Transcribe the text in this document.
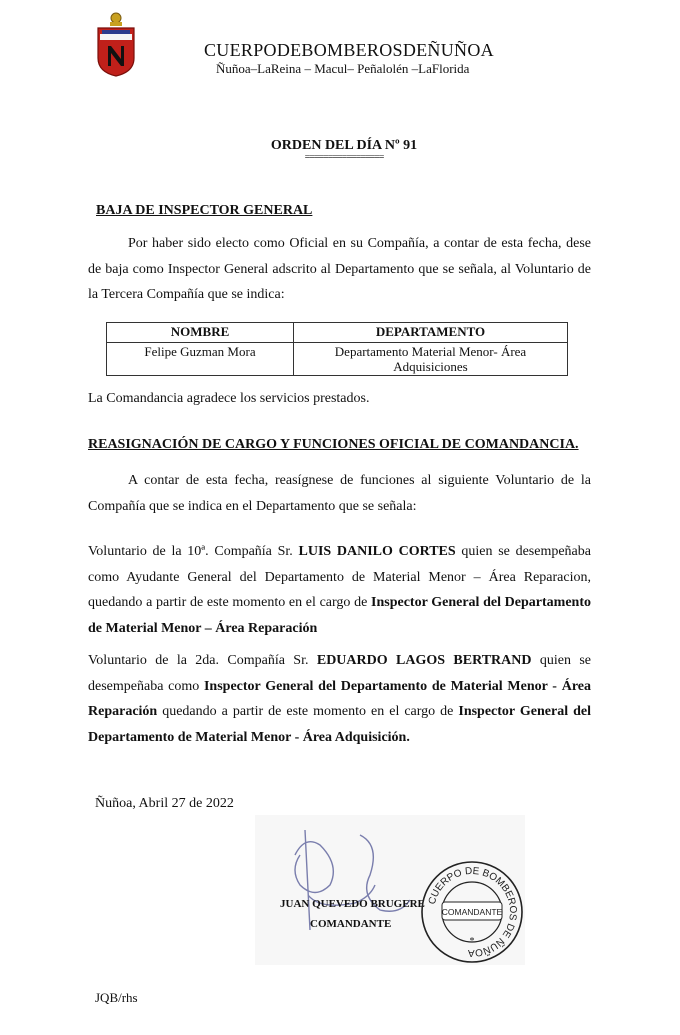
CUERPODEBOMBEROSDEÑUÑOA
Ñuñoa–LaReina – Macul– Peñalolén –LaFlorida
ORDEN DEL DÍA Nº 91
=================
BAJA DE INSPECTOR GENERAL
Por haber sido electo como Oficial en su Compañía, a contar de esta fecha, dese de baja como Inspector General adscrito al Departamento que se señala, al Voluntario de la Tercera Compañía que se indica:
NOMBRE	DEPARTAMENTO
Felipe Guzman Mora	Departamento Material Menor- Área Adquisiciones
La Comandancia agradece los servicios prestados.
REASIGNACIÓN DE CARGO Y FUNCIONES OFICIAL DE COMANDANCIA.
A contar de esta fecha, reasígnese de funciones al siguiente Voluntario de la Compañía que se indica en el Departamento que se señala:
Voluntario de la 10ª. Compañía Sr. LUIS DANILO CORTES quien se desempeñaba como Ayudante General del Departamento de Material Menor – Área Reparacion, quedando a partir de este momento en el cargo de Inspector General del Departamento de Material Menor – Área Reparación
Voluntario de la 2da. Compañía Sr. EDUARDO LAGOS BERTRAND quien se desempeñaba como Inspector General del Departamento de Material Menor - Área Reparación quedando a partir de este momento en el cargo de Inspector General del Departamento de Material Menor - Área Adquisición.
Ñuñoa, Abril 27 de 2022
JUAN QUEVEDO BRUGERE
COMANDANTE
CUERPO DE BOMBEROS DE ÑUÑOA
COMANDANTE
*
JQB/rhs
